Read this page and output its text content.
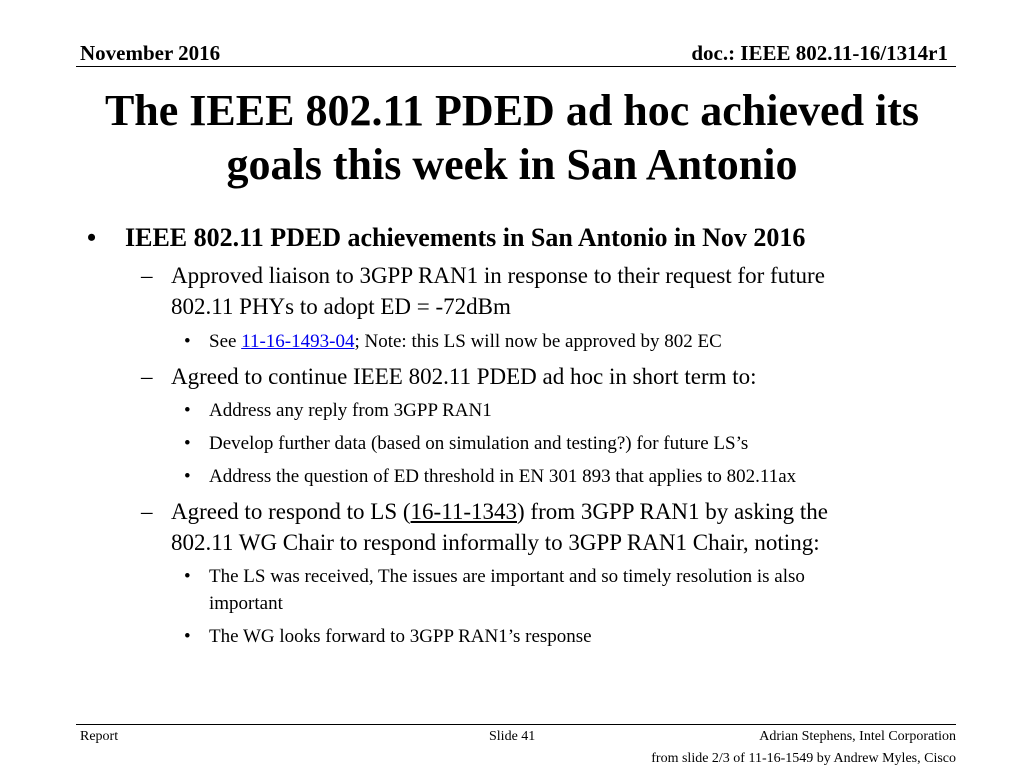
November 2016	doc.: IEEE 802.11-16/1314r1
The IEEE 802.11 PDED ad hoc achieved its
goals this week in San Antonio
• IEEE 802.11 PDED achievements in San Antonio in Nov 2016
– Approved liaison to 3GPP RAN1 in response to their request for future
802.11 PHYs to adopt ED = -72dBm
• See 11-16-1493-04; Note: this LS will now be approved by 802 EC
– Agreed to continue IEEE 802.11 PDED ad hoc in short term to:
• Address any reply from 3GPP RAN1
• Develop further data (based on simulation and testing?) for future LS’s
• Address the question of ED threshold in EN 301 893 that applies to 802.11ax
– Agreed to respond to LS (16-11-1343) from 3GPP RAN1 by asking the
802.11 WG Chair to respond informally to 3GPP RAN1 Chair, noting:
• The LS was received, The issues are important and so timely resolution is also
important
• The WG looks forward to 3GPP RAN1’s response
Report	Slide 41	Adrian Stephens, Intel Corporation
from slide 2/3 of 11-16-1549 by Andrew Myles, Cisco
